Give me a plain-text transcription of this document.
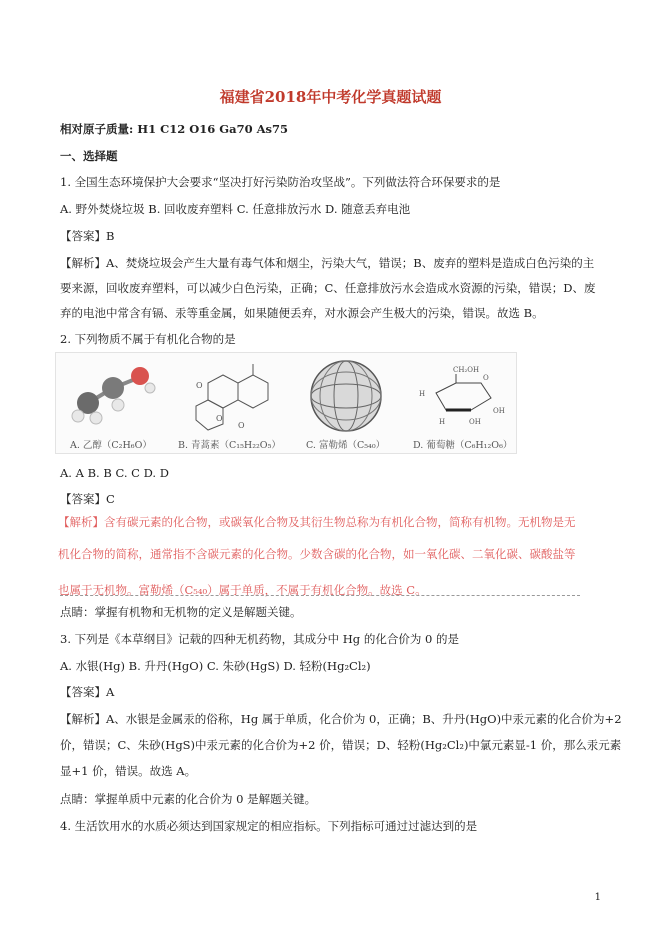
福建省2018年中考化学真题试题
相对原子质量: H1 C12 O16 Ga70 As75
一、选择题
1. 全国生态环境保护大会要求“坚决打好污染防治攻坚战”。下列做法符合环保要求的是
A. 野外焚烧垃圾 B. 回收废弃塑料 C. 任意排放污水 D. 随意丢弃电池
【答案】B
【解析】A、焚烧垃圾会产生大量有毒气体和烟尘，污染大气，错误；B、废弃的塑料是造成白色污染的主
要来源，回收废弃塑料，可以减少白色污染，正确；C、任意排放污水会造成水资源的污染，错误；D、废
弃的电池中常含有镉、汞等重金属，如果随便丢弃，对水源会产生极大的污染，错误。故选 B。
2. 下列物质不属于有机化合物的是
O
O
O
CH₂OH
O
H
OH
H	OH
A. 乙醇（C₂H₆O）	B. 青蒿素（C₁₅H₂₂O₅）	C. 富勒烯（C₅₄₀）	D. 葡萄糖（C₆H₁₂O₆）
A. A B. B C. C D. D
【答案】C
【解析】含有碳元素的化合物，或碳氧化合物及其衍生物总称为有机化合物，简称有机物。无机物是无
机化合物的简称，通常指不含碳元素的化合物。少数含碳的化合物，如一氧化碳、二氧化碳、碳酸盐等
也属于无机物。富勒烯（C₅₄₀）属于单质，不属于有机化合物。故选 C。
点睛：掌握有机物和无机物的定义是解题关键。
3. 下列是《本草纲目》记载的四种无机药物，其成分中 Hg 的化合价为 0 的是
A. 水银(Hg) B. 升丹(HgO) C. 朱砂(HgS) D. 轻粉(Hg₂Cl₂)
【答案】A
【解析】A、水银是金属汞的俗称，Hg 属于单质，化合价为 0，正确；B、升丹(HgO)中汞元素的化合价为+2
价，错误；C、朱砂(HgS)中汞元素的化合价为+2 价，错误；D、轻粉(Hg₂Cl₂)中氯元素显-1 价，那么汞元素
显+1 价，错误。故选 A。
点睛：掌握单质中元素的化合价为 0 是解题关键。
4. 生活饮用水的水质必须达到国家规定的相应指标。下列指标可通过过滤达到的是
1
